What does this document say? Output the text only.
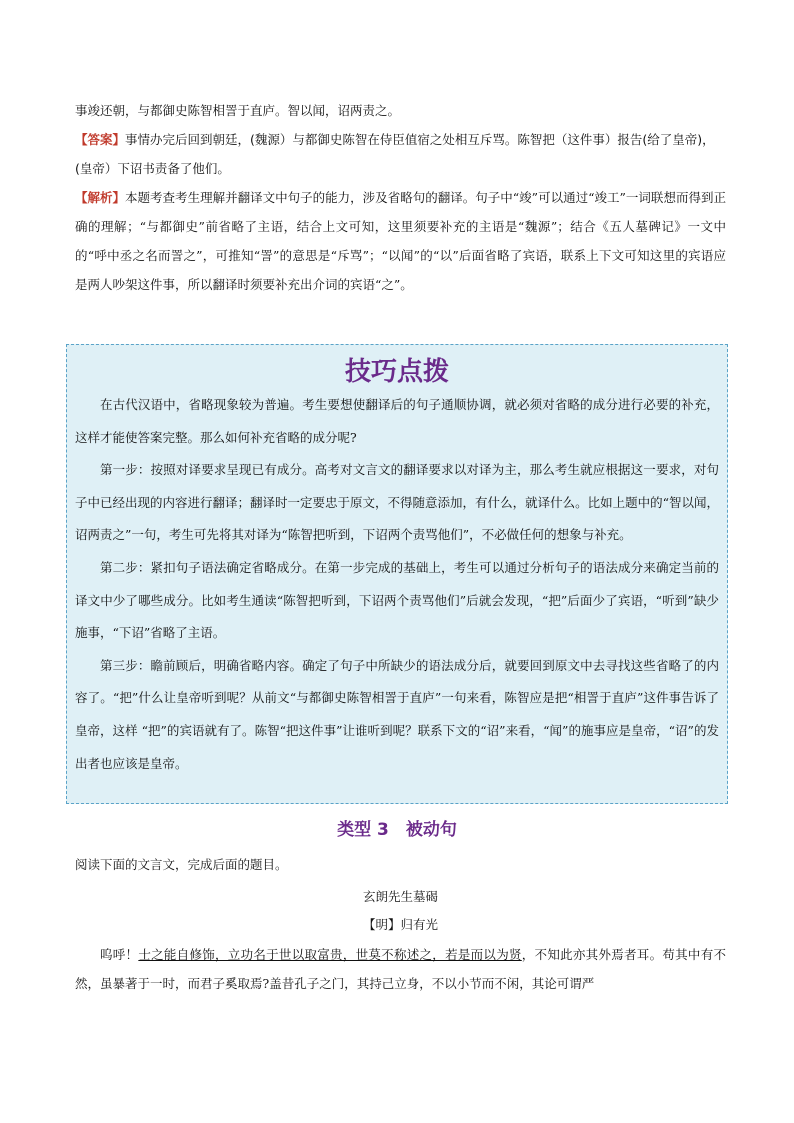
事竣还朝，与都御史陈智相詈于直庐。智以闻，诏两责之。

【答案】事情办完后回到朝廷，(魏源）与都御史陈智在侍臣值宿之处相互斥骂。陈智把（这件事）报告(给了皇帝)，(皇帝）下诏书责备了他们。

【解析】本题考查考生理解并翻译文中句子的能力，涉及省略句的翻译。句子中“竣”可以通过“竣工”一词联想而得到正确的理解；“与都御史”前省略了主语，结合上文可知，这里须要补充的主语是“魏源”；结合《五人墓碑记》一文中的“呼中丞之名而詈之”，可推知“詈”的意思是“斥骂”；“以闻”的“以”后面省略了宾语，联系上下文可知这里的宾语应是两人吵架这件事，所以翻译时须要补充出介词的宾语“之”。

技巧点拨

在古代汉语中，省略现象较为普遍。考生要想使翻译后的句子通顺协调，就必须对省略的成分进行必要的补充，这样才能使答案完整。那么如何补充省略的成分呢?

第一步：按照对译要求呈现已有成分。高考对文言文的翻译要求以对译为主，那么考生就应根据这一要求，对句子中已经出现的内容进行翻译；翻译时一定要忠于原文，不得随意添加，有什么，就译什么。比如上题中的“智以闻，诏两责之”一句，考生可先将其对译为“陈智把听到，下诏两个责骂他们”，不必做任何的想象与补充。

第二步：紧扣句子语法确定省略成分。在第一步完成的基础上，考生可以通过分析句子的语法成分来确定当前的译文中少了哪些成分。比如考生通读“陈智把听到，下诏两个责骂他们”后就会发现，“把”后面少了宾语，“听到”缺少施事，“下诏”省略了主语。

第三步：瞻前顾后，明确省略内容。确定了句子中所缺少的语法成分后，就要回到原文中去寻找这些省略了的内容了。“把”什么让皇帝听到呢？从前文“与都御史陈智相詈于直庐”一句来看，陈智应是把“相詈于直庐”这件事告诉了皇帝，这样 “把”的宾语就有了。陈智“把这件事”让谁听到呢？联系下文的“诏”来看，“闻”的施事应是皇帝，“诏”的发出者也应该是皇帝。

类型 3　被动句

阅读下面的文言文，完成后面的题目。

玄朗先生墓碣

【明】归有光

呜呼！士之能自修饰，立功名于世以取富贵，世莫不称述之，若是而以为贤，不知此亦其外焉者耳。苟其中有不然，虽暴著于一时，而君子奚取焉?盖昔孔子之门，其持己立身，不以小节而不闲，其论可谓严
